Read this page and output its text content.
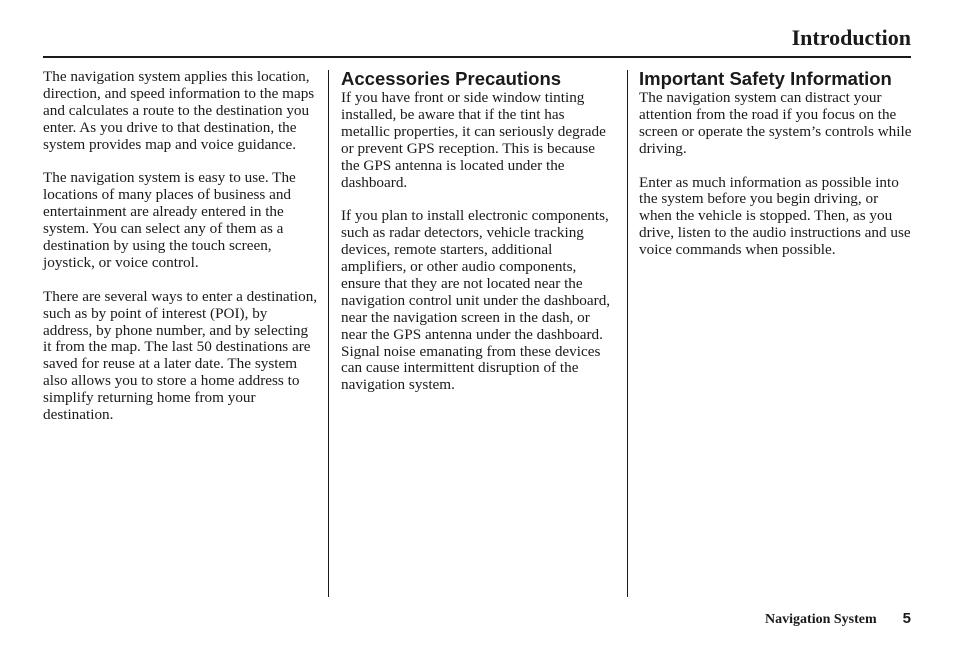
Introduction

The navigation system applies this location, direction, and speed information to the maps and calculates a route to the destination you enter. As you drive to that destination, the system provides map and voice guidance.

The navigation system is easy to use. The locations of many places of business and entertainment are already entered in the system. You can select any of them as a destination by using the touch screen, joystick, or voice control.

There are several ways to enter a destination, such as by point of interest (POI), by address, by phone number, and by selecting it from the map. The last 50 destinations are saved for reuse at a later date. The system also allows you to store a home address to simplify returning home from your destination.

Accessories Precautions

If you have front or side window tinting installed, be aware that if the tint has metallic properties, it can seriously degrade or prevent GPS reception. This is because the GPS antenna is located under the dashboard.

If you plan to install electronic components, such as radar detectors, vehicle tracking devices, remote starters, additional amplifiers, or other audio components, ensure that they are not located near the navigation control unit under the dashboard, near the navigation screen in the dash, or near the GPS antenna under the dashboard. Signal noise emanating from these devices can cause intermittent disruption of the navigation system.

Important Safety Information

The navigation system can distract your attention from the road if you focus on the screen or operate the system’s controls while driving.

Enter as much information as possible into the system before you begin driving, or when the vehicle is stopped. Then, as you drive, listen to the audio instructions and use voice commands when possible.

Navigation System 5
